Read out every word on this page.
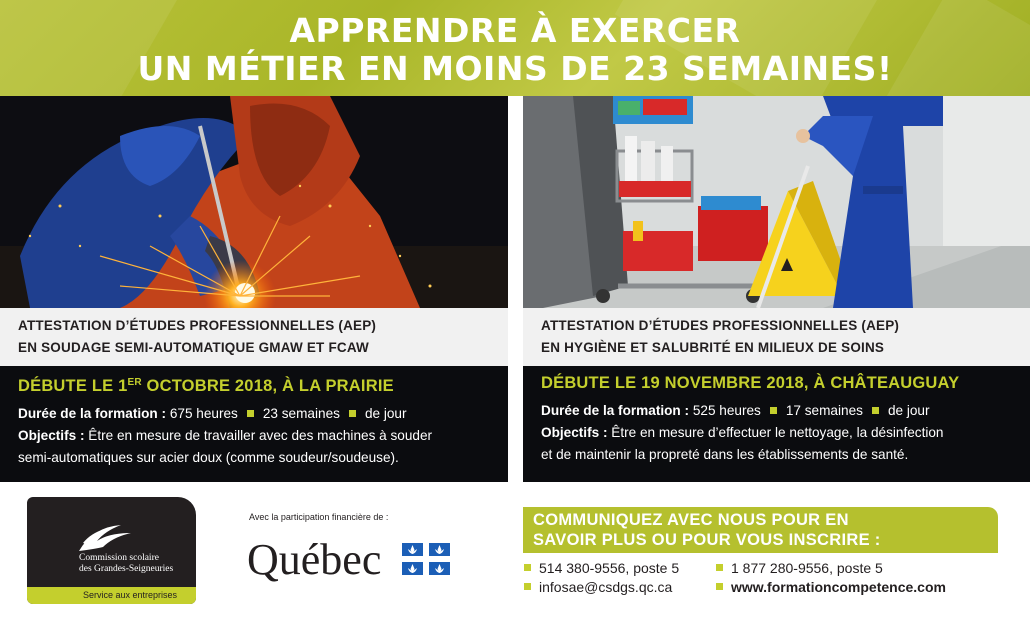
APPRENDRE À EXERCER
UN MÉTIER EN MOINS DE 23 SEMAINES!
ATTESTATION D’ÉTUDES PROFESSIONNELLES (AEP)
EN SOUDAGE SEMI-AUTOMATIQUE GMAW ET FCAW
DÉBUTE LE 1ER OCTOBRE 2018, À LA PRAIRIE
Durée de la formation : 675 heures 23 semaines de jour
Objectifs : Être en mesure de travailler avec des machines à souder
semi-automatiques sur acier doux (comme soudeur/soudeuse).
ATTESTATION D’ÉTUDES PROFESSIONNELLES (AEP)
EN HYGIÈNE ET SALUBRITÉ EN MILIEUX DE SOINS
DÉBUTE LE 19 NOVEMBRE 2018, À CHÂTEAUGUAY
Durée de la formation : 525 heures 17 semaines de jour
Objectifs : Être en mesure d’effectuer le nettoyage, la désinfection
et de maintenir la propreté dans les établissements de santé.
Commission scolaire
des Grandes-Seigneuries
Service aux entreprises
Avec la participation financière de :
Québec
COMMUNIQUEZ AVEC NOUS POUR EN
SAVOIR PLUS OU POUR VOUS INSCRIRE :
514 380-9556, poste 5	1 877 280-9556, poste 5
infosae@csdgs.qc.ca	www.formationcompetence.com
